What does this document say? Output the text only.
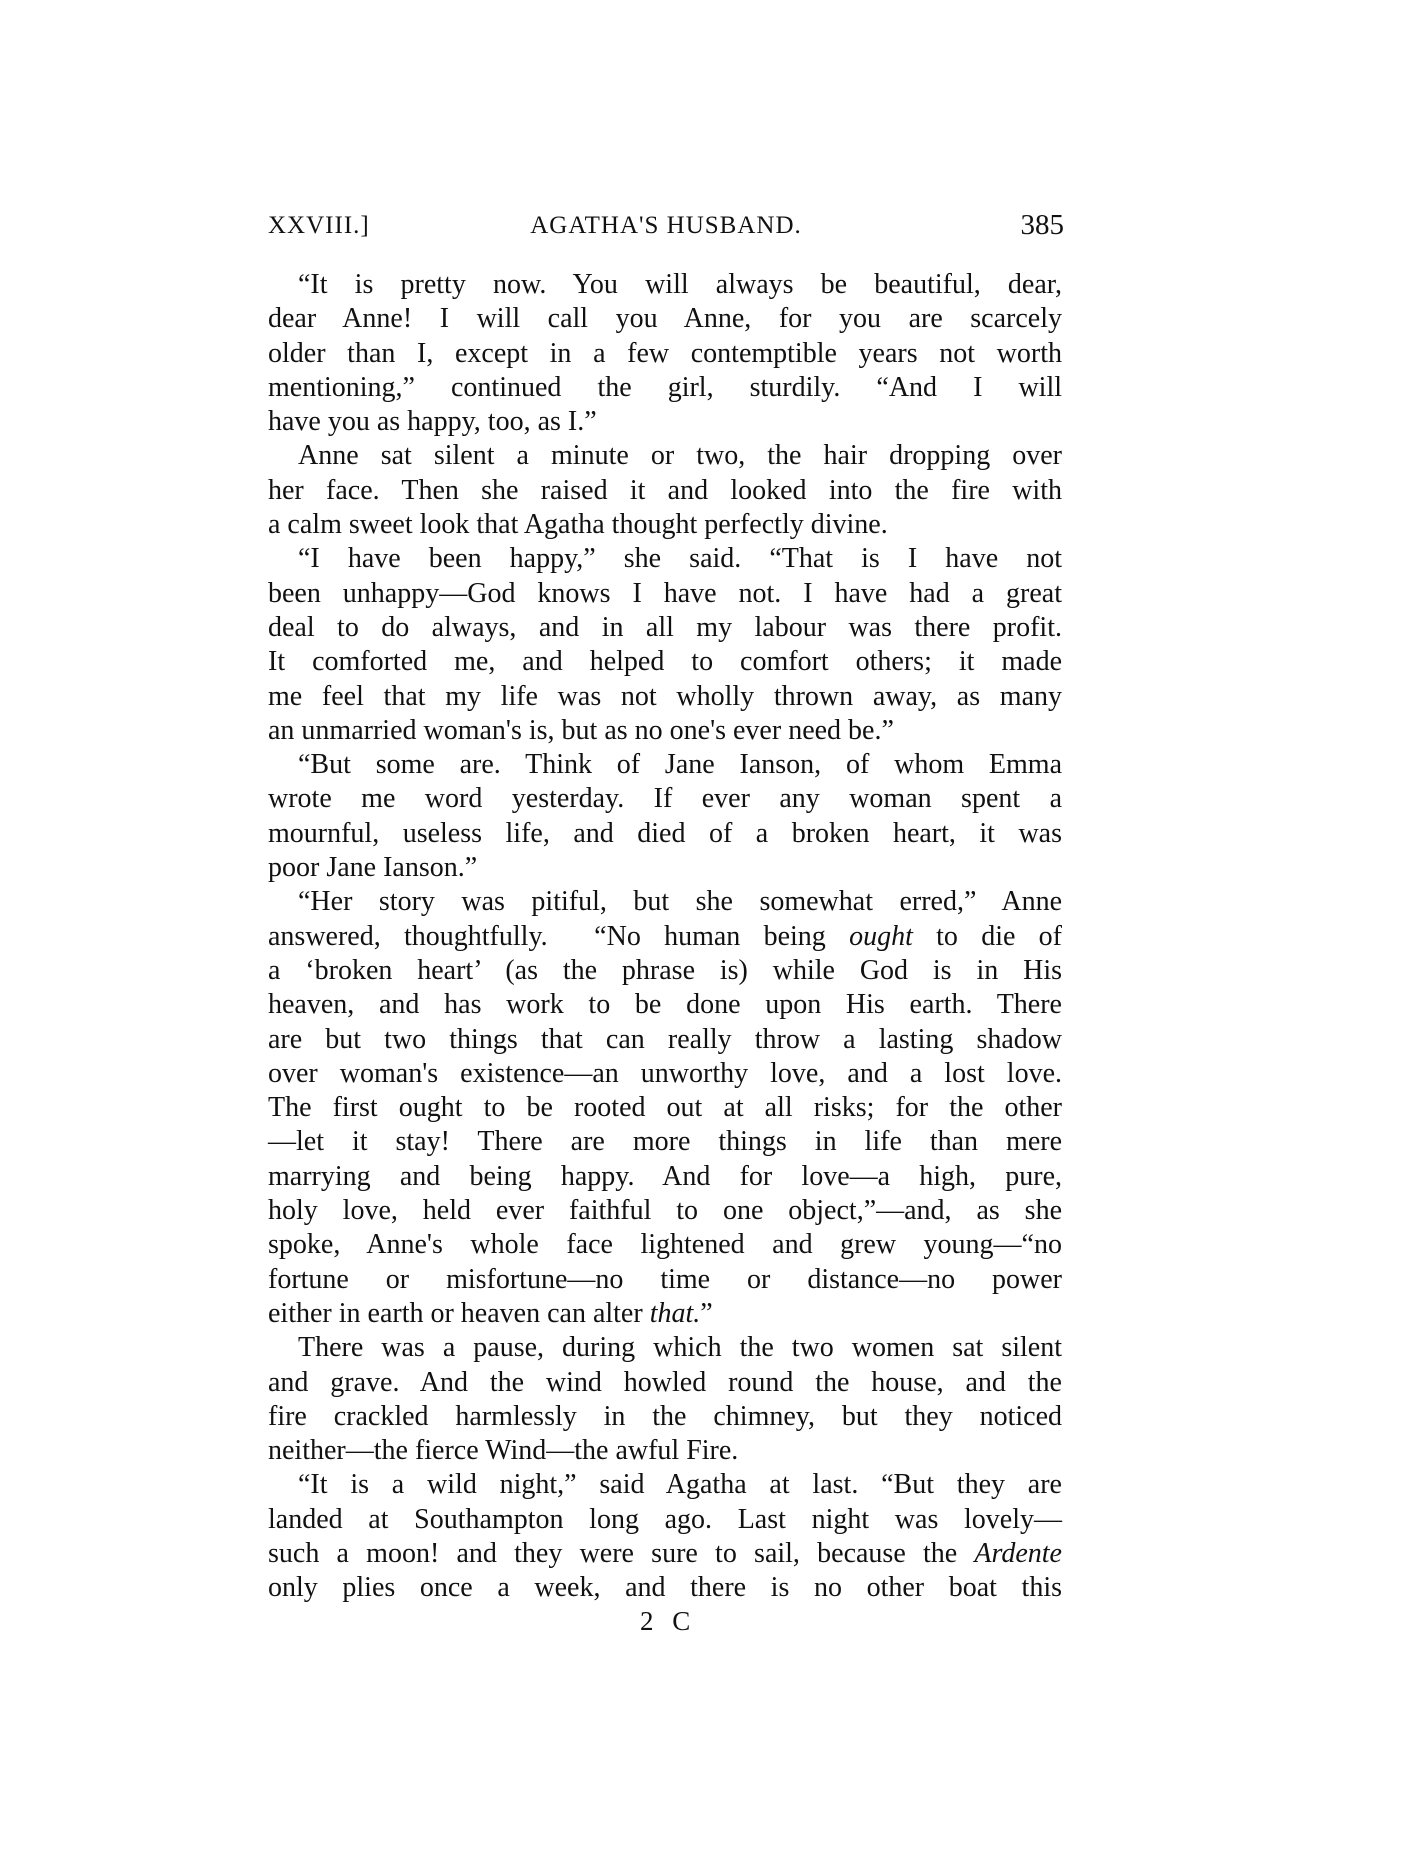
XXVIII.]	AGATHA'S HUSBAND.	385
“It is pretty now. You will always be beautiful, dear,
dear Anne! I will call you Anne, for you are scarcely
older than I, except in a few contemptible years not worth
mentioning,” continued the girl, sturdily. “And I will
have you as happy, too, as I.”
Anne sat silent a minute or two, the hair dropping over
her face. Then she raised it and looked into the fire with
a calm sweet look that Agatha thought perfectly divine.
“I have been happy,” she said. “That is I have not
been unhappy—God knows I have not. I have had a great
deal to do always, and in all my labour was there profit.
It comforted me, and helped to comfort others; it made
me feel that my life was not wholly thrown away, as many
an unmarried woman's is, but as no one's ever need be.”
“But some are. Think of Jane Ianson, of whom Emma
wrote me word yesterday. If ever any woman spent a
mournful, useless life, and died of a broken heart, it was
poor Jane Ianson.”
“Her story was pitiful, but she somewhat erred,” Anne
answered, thoughtfully.  “No human being ought to die of
a ‘broken heart’ (as the phrase is) while God is in His
heaven, and has work to be done upon His earth. There
are but two things that can really throw a lasting shadow
over woman's existence—an unworthy love, and a lost love.
The first ought to be rooted out at all risks; for the other
—let it stay! There are more things in life than mere
marrying and being happy. And for love—a high, pure,
holy love, held ever faithful to one object,”—and, as she
spoke, Anne's whole face lightened and grew young—“no
fortune or misfortune—no time or distance—no power
either in earth or heaven can alter that.”
There was a pause, during which the two women sat silent
and grave. And the wind howled round the house, and the
fire crackled harmlessly in the chimney, but they noticed
neither—the fierce Wind—the awful Fire.
“It is a wild night,” said Agatha at last. “But they are
landed at Southampton long ago. Last night was lovely—
such a moon! and they were sure to sail, because the Ardente
only plies once a week, and there is no other boat this
2 C
